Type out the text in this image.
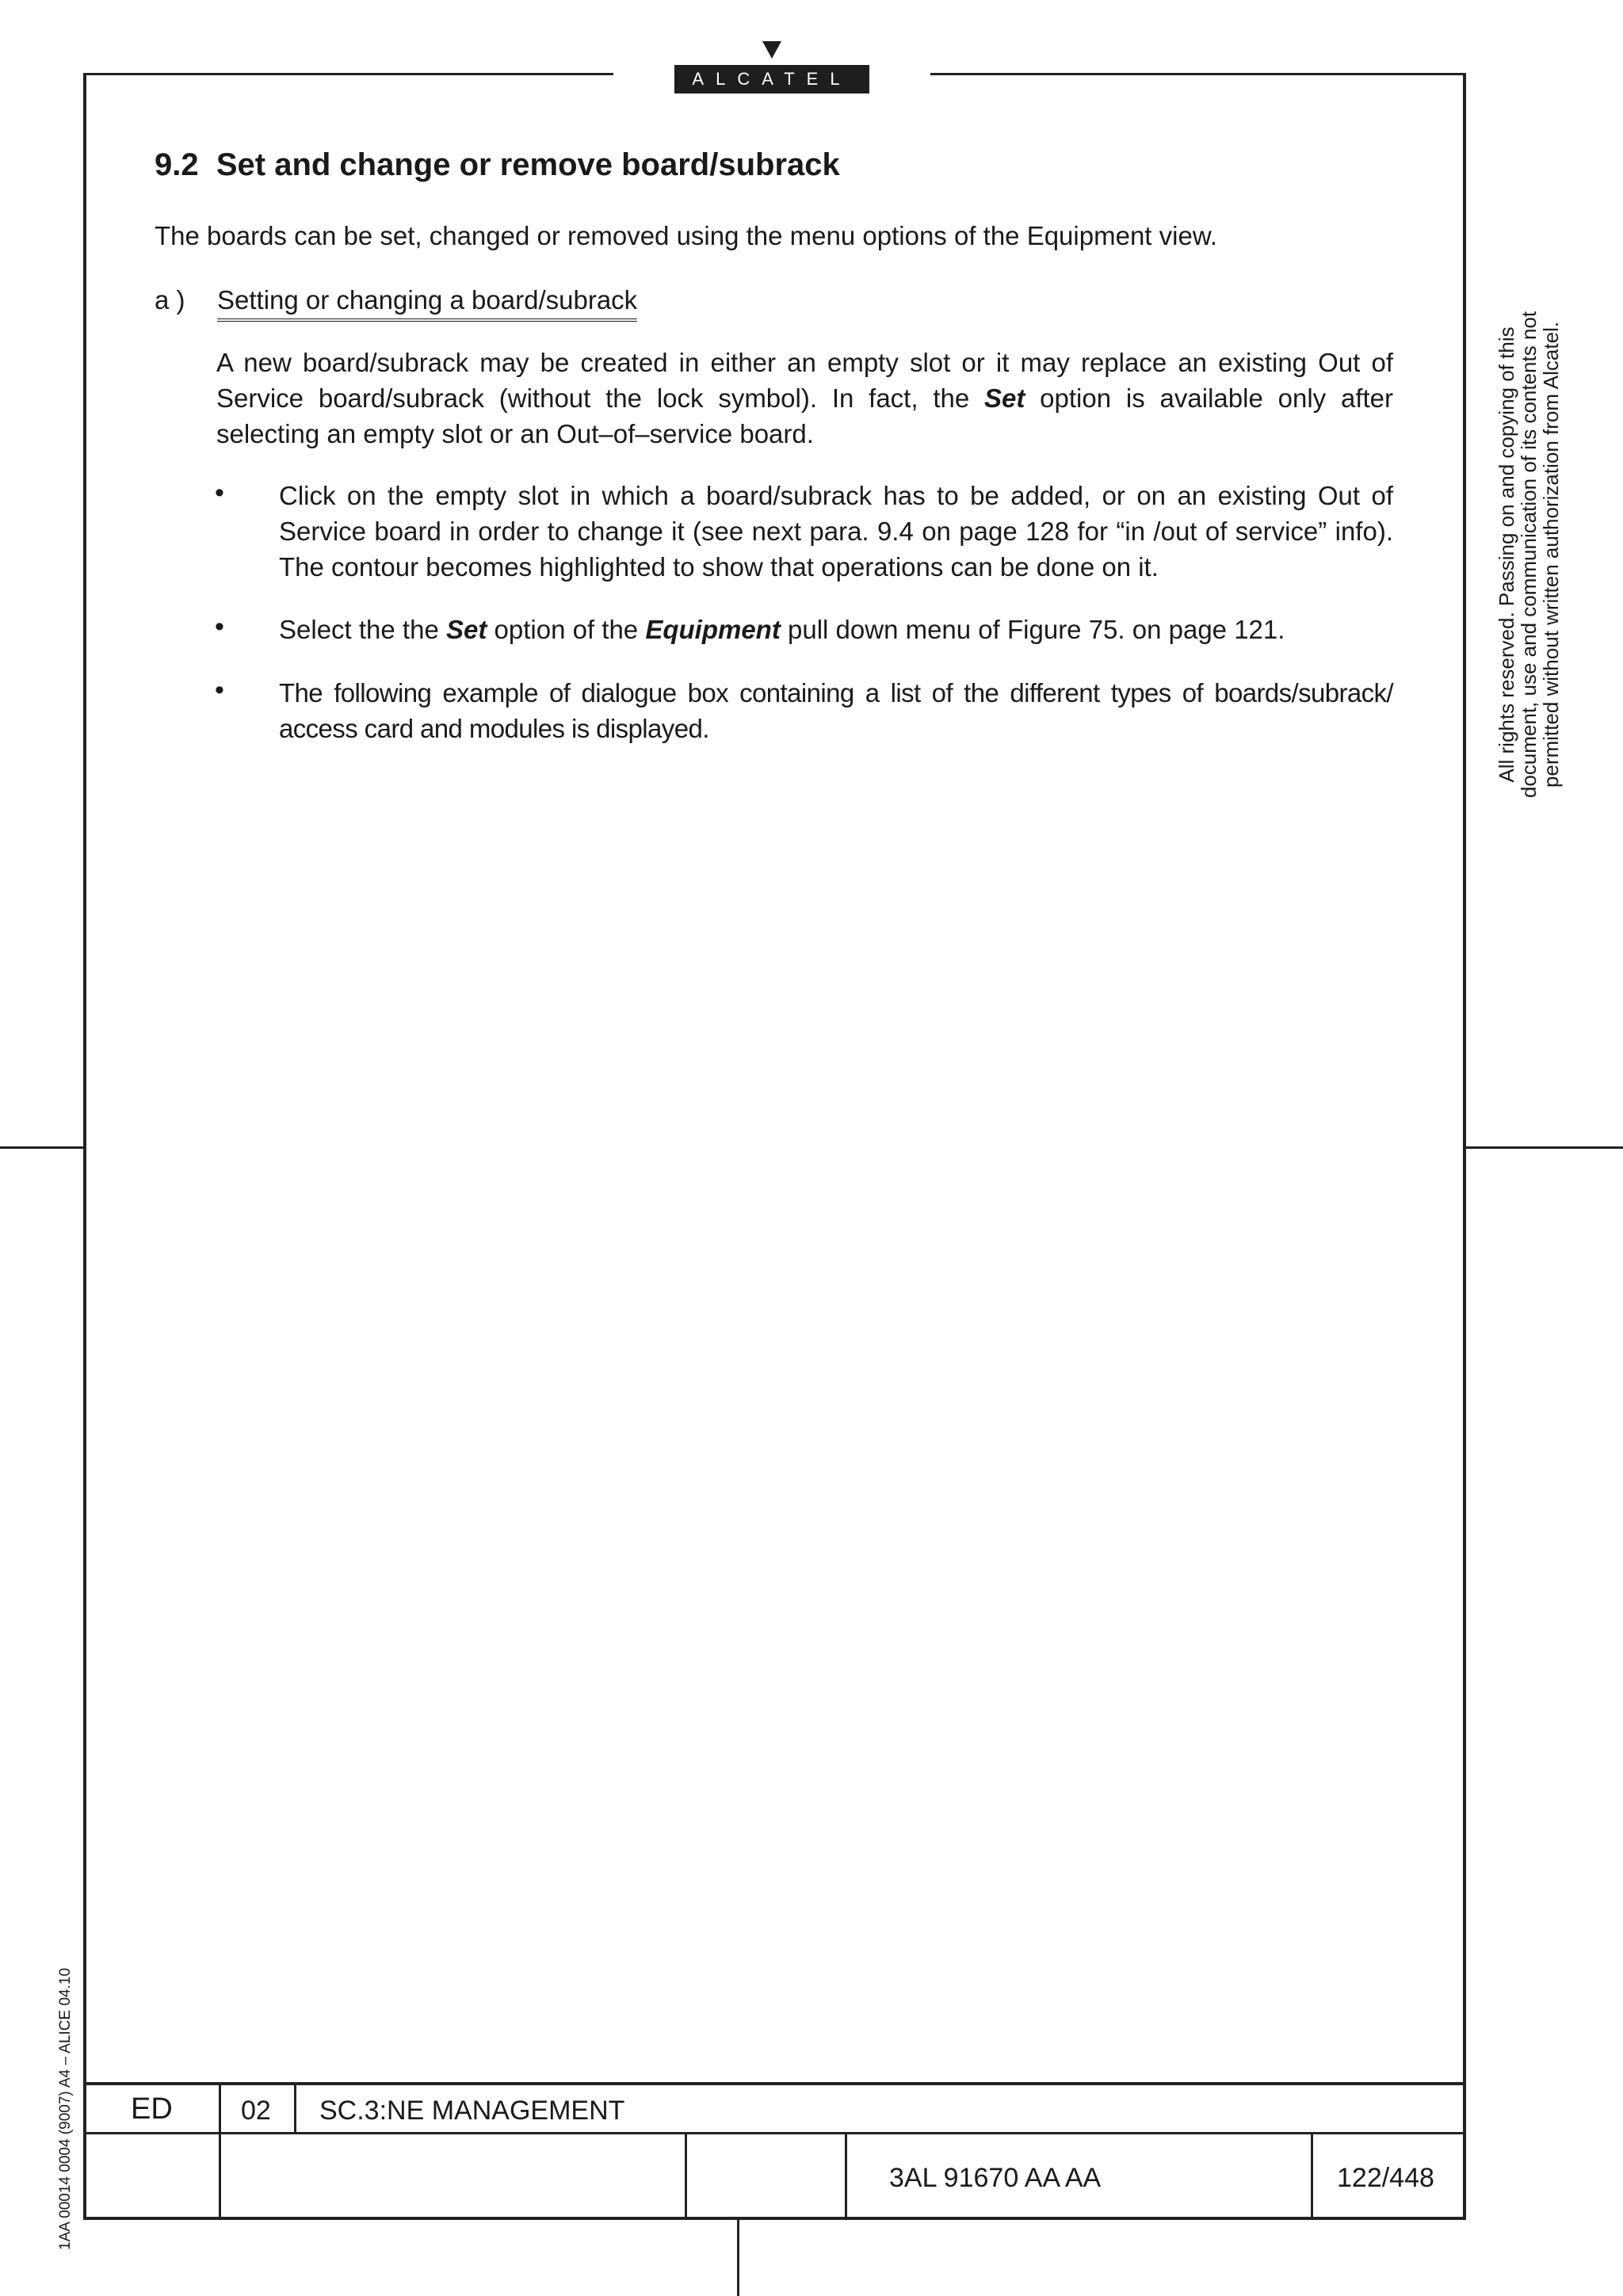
ALCATEL
9.2 Set and change or remove board/subrack

The boards can be set, changed or removed using the menu options of the Equipment view.

a ) Setting or changing a board/subrack

A new board/subrack may be created in either an empty slot or it may replace an existing Out of Service board/subrack (without the lock symbol). In fact, the Set option is available only after selecting an empty slot or an Out–of–service board.

• Click on the empty slot in which a board/subrack has to be added, or on an existing Out of Service board in order to change it (see next para. 9.4 on page 128 for “in /out of service” info). The contour becomes highlighted to show that operations can be done on it.

• Select the the Set option of the Equipment pull down menu of Figure 75. on page 121.

• The following example of dialogue box containing a list of the different types of boards/subrack/ access card and modules is displayed.	All rights reserved. Passing on and copying of this document, use and communication of its contents not permitted without written authorization from Alcatel.
1AA 00014 0004 (9007) A4 – ALICE 04.10 ED	02 SC.3:NE MANAGEMENT
3AL 91670 AA AA	122/448
